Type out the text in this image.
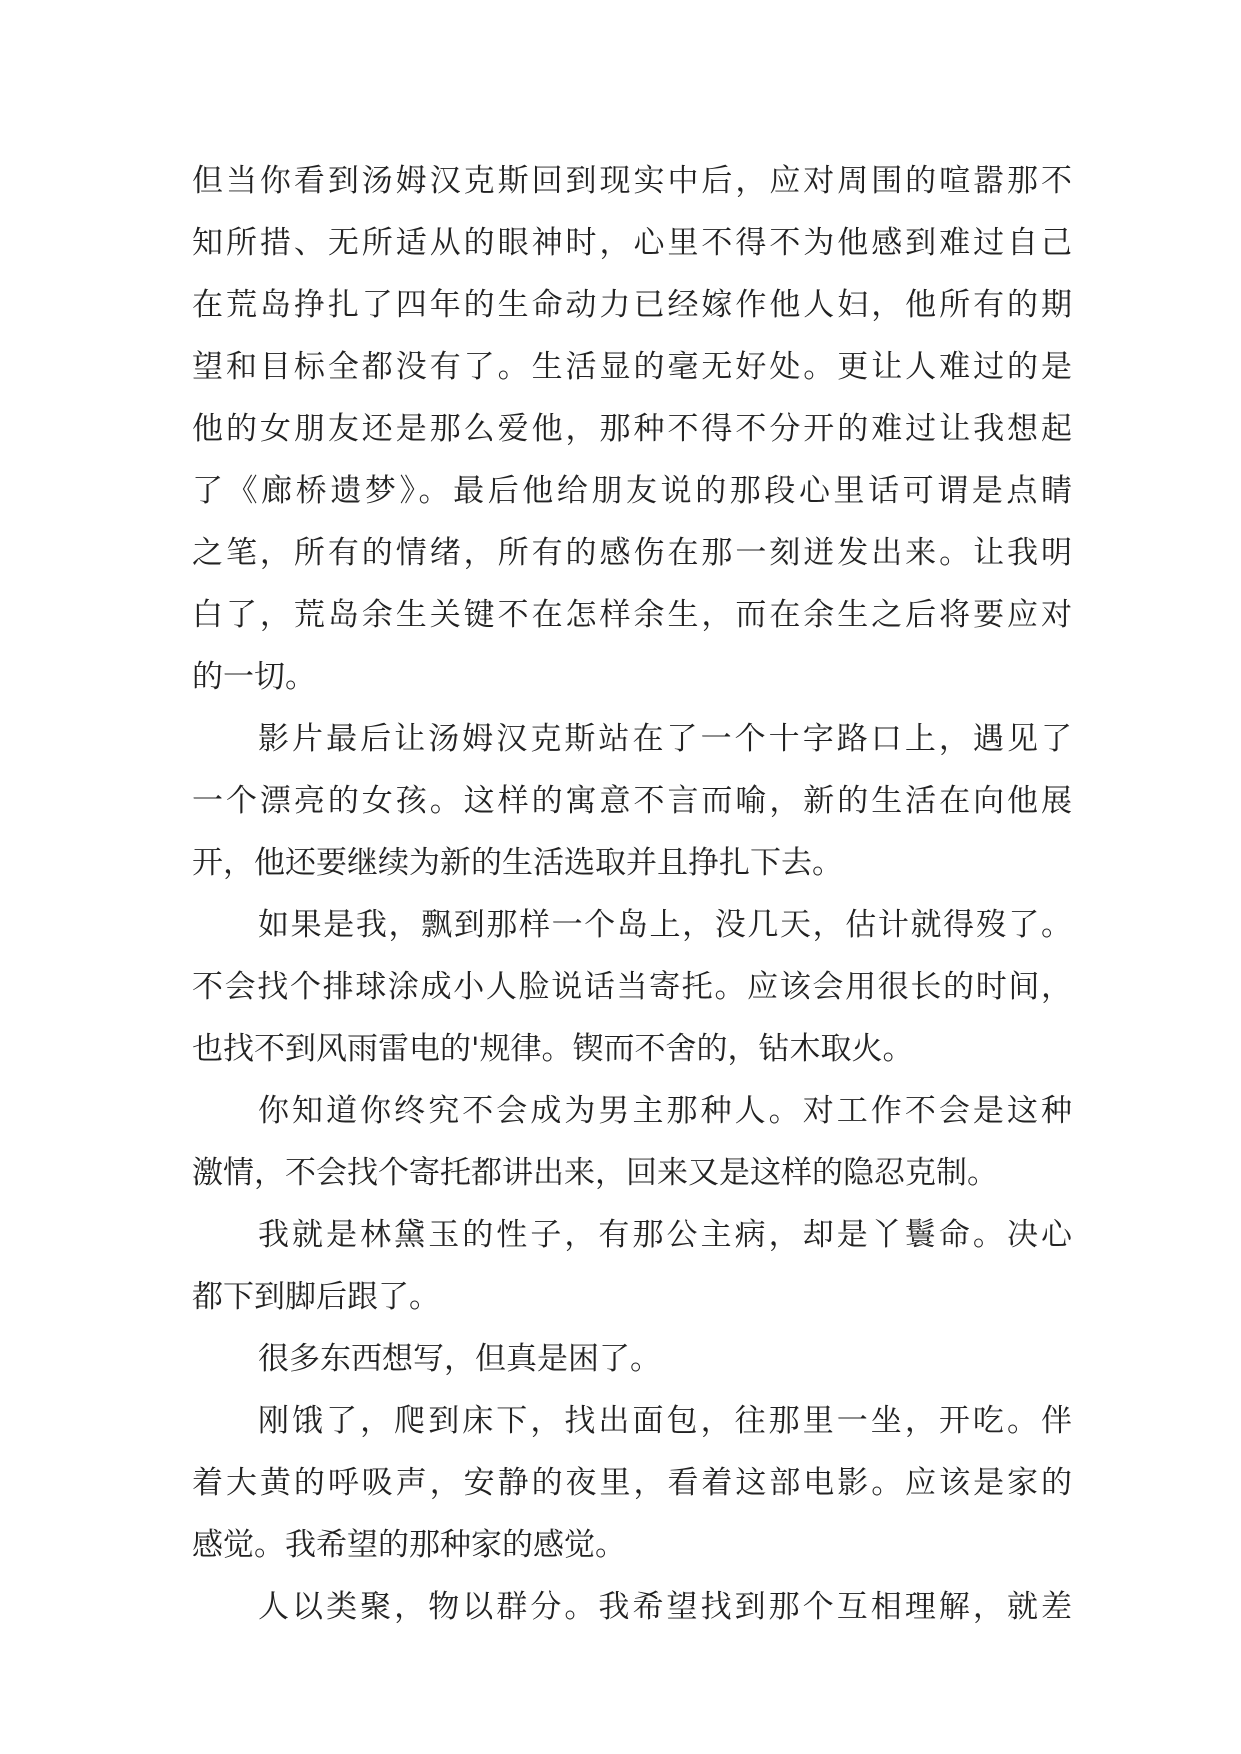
但当你看到汤姆汉克斯回到现实中后，应对周围的喧嚣那不
知所措、无所适从的眼神时，心里不得不为他感到难过自己
在荒岛挣扎了四年的生命动力已经嫁作他人妇，他所有的期
望和目标全都没有了。生活显的毫无好处。更让人难过的是
他的女朋友还是那么爱他，那种不得不分开的难过让我想起
了《廊桥遗梦》。最后他给朋友说的那段心里话可谓是点睛
之笔，所有的情绪，所有的感伤在那一刻迸发出来。让我明
白了，荒岛余生关键不在怎样余生，而在余生之后将要应对
的一切。
影片最后让汤姆汉克斯站在了一个十字路口上，遇见了
一个漂亮的女孩。这样的寓意不言而喻，新的生活在向他展
开，他还要继续为新的生活选取并且挣扎下去。
如果是我，飘到那样一个岛上，没几天，估计就得歿了。
不会找个排球涂成小人脸说话当寄托。应该会用很长的时间，
也找不到风雨雷电的'规律。锲而不舍的，钻木取火。
你知道你终究不会成为男主那种人。对工作不会是这种
激情，不会找个寄托都讲出来，回来又是这样的隐忍克制。
我就是林黛玉的性子，有那公主病，却是丫鬟命。决心
都下到脚后跟了。
很多东西想写，但真是困了。
刚饿了，爬到床下，找出面包，往那里一坐，开吃。伴
着大黄的呼吸声，安静的夜里，看着这部电影。应该是家的
感觉。我希望的那种家的感觉。
人以类聚，物以群分。我希望找到那个互相理解，就差
